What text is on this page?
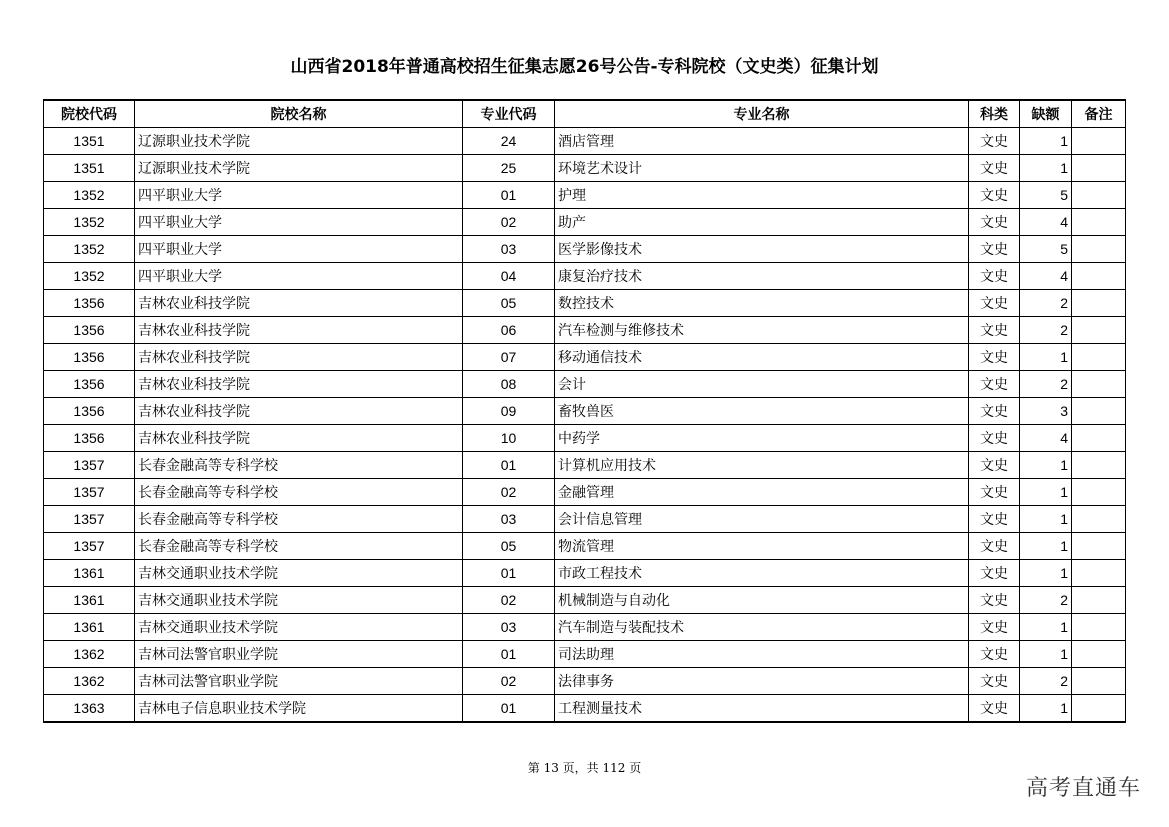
山西省2018年普通高校招生征集志愿26号公告-专科院校（文史类）征集计划
院校代码	院校名称	专业代码	专业名称	科类	缺额	备注
1351	辽源职业技术学院	24	酒店管理	文史	1	
1351	辽源职业技术学院	25	环境艺术设计	文史	1	
1352	四平职业大学	01	护理	文史	5	
1352	四平职业大学	02	助产	文史	4	
1352	四平职业大学	03	医学影像技术	文史	5	
1352	四平职业大学	04	康复治疗技术	文史	4	
1356	吉林农业科技学院	05	数控技术	文史	2	
1356	吉林农业科技学院	06	汽车检测与维修技术	文史	2	
1356	吉林农业科技学院	07	移动通信技术	文史	1	
1356	吉林农业科技学院	08	会计	文史	2	
1356	吉林农业科技学院	09	畜牧兽医	文史	3	
1356	吉林农业科技学院	10	中药学	文史	4	
1357	长春金融高等专科学校	01	计算机应用技术	文史	1	
1357	长春金融高等专科学校	02	金融管理	文史	1	
1357	长春金融高等专科学校	03	会计信息管理	文史	1	
1357	长春金融高等专科学校	05	物流管理	文史	1	
1361	吉林交通职业技术学院	01	市政工程技术	文史	1	
1361	吉林交通职业技术学院	02	机械制造与自动化	文史	2	
1361	吉林交通职业技术学院	03	汽车制造与装配技术	文史	1	
1362	吉林司法警官职业学院	01	司法助理	文史	1	
1362	吉林司法警官职业学院	02	法律事务	文史	2	
1363	吉林电子信息职业技术学院	01	工程测量技术	文史	1	
第 13 页，共 112 页
高考直通车
